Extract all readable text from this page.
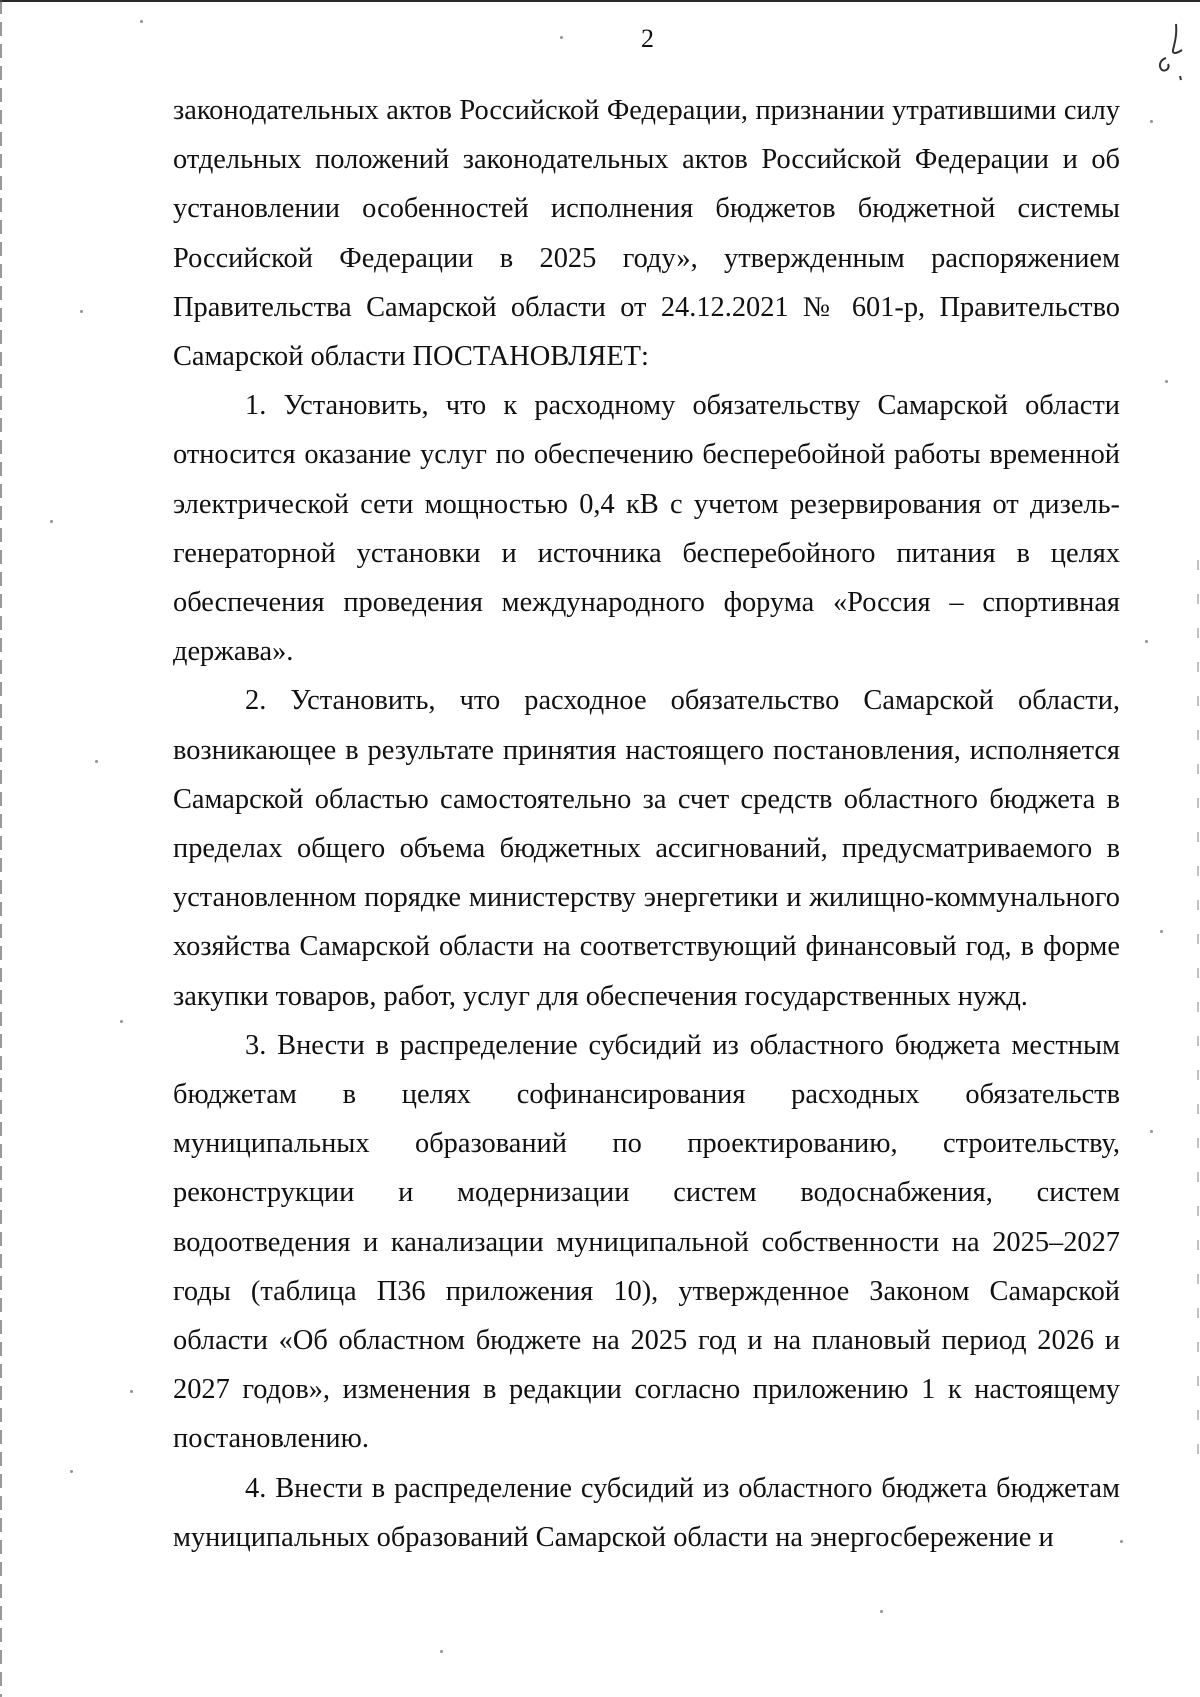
2

законодательных актов Российской Федерации, признании утратившими силу отдельных положений законодательных актов Российской Федерации и об установлении особенностей исполнения бюджетов бюджетной системы Российской Федерации в 2025 году», утвержденным распоряжением Правительства Самарской области от 24.12.2021 № 601-р, Правительство Самарской области ПОСТАНОВЛЯЕТ:

1. Установить, что к расходному обязательству Самарской области относится оказание услуг по обеспечению бесперебойной работы временной электрической сети мощностью 0,4 кВ с учетом резервирования от дизель-генераторной установки и источника бесперебойного питания в целях обеспечения проведения международного форума «Россия – спортивная держава».

2. Установить, что расходное обязательство Самарской области, возникающее в результате принятия настоящего постановления, исполняется Самарской областью самостоятельно за счет средств областного бюджета в пределах общего объема бюджетных ассигнований, предусматриваемого в установленном порядке министерству энергетики и жилищно-коммунального хозяйства Самарской области на соответствующий финансовый год, в форме закупки товаров, работ, услуг для обеспечения государственных нужд.

3. Внести в распределение субсидий из областного бюджета местным бюджетам в целях софинансирования расходных обязательств муниципальных образований по проектированию, строительству, реконструкции и модернизации систем водоснабжения, систем водоотведения и канализации муниципальной собственности на 2025–2027 годы (таблица П36 приложения 10), утвержденное Законом Самарской области «Об областном бюджете на 2025 год и на плановый период 2026 и 2027 годов», изменения в редакции согласно приложению 1 к настоящему постановлению.

4. Внести в распределение субсидий из областного бюджета бюджетам муниципальных образований Самарской области на энергосбережение и
